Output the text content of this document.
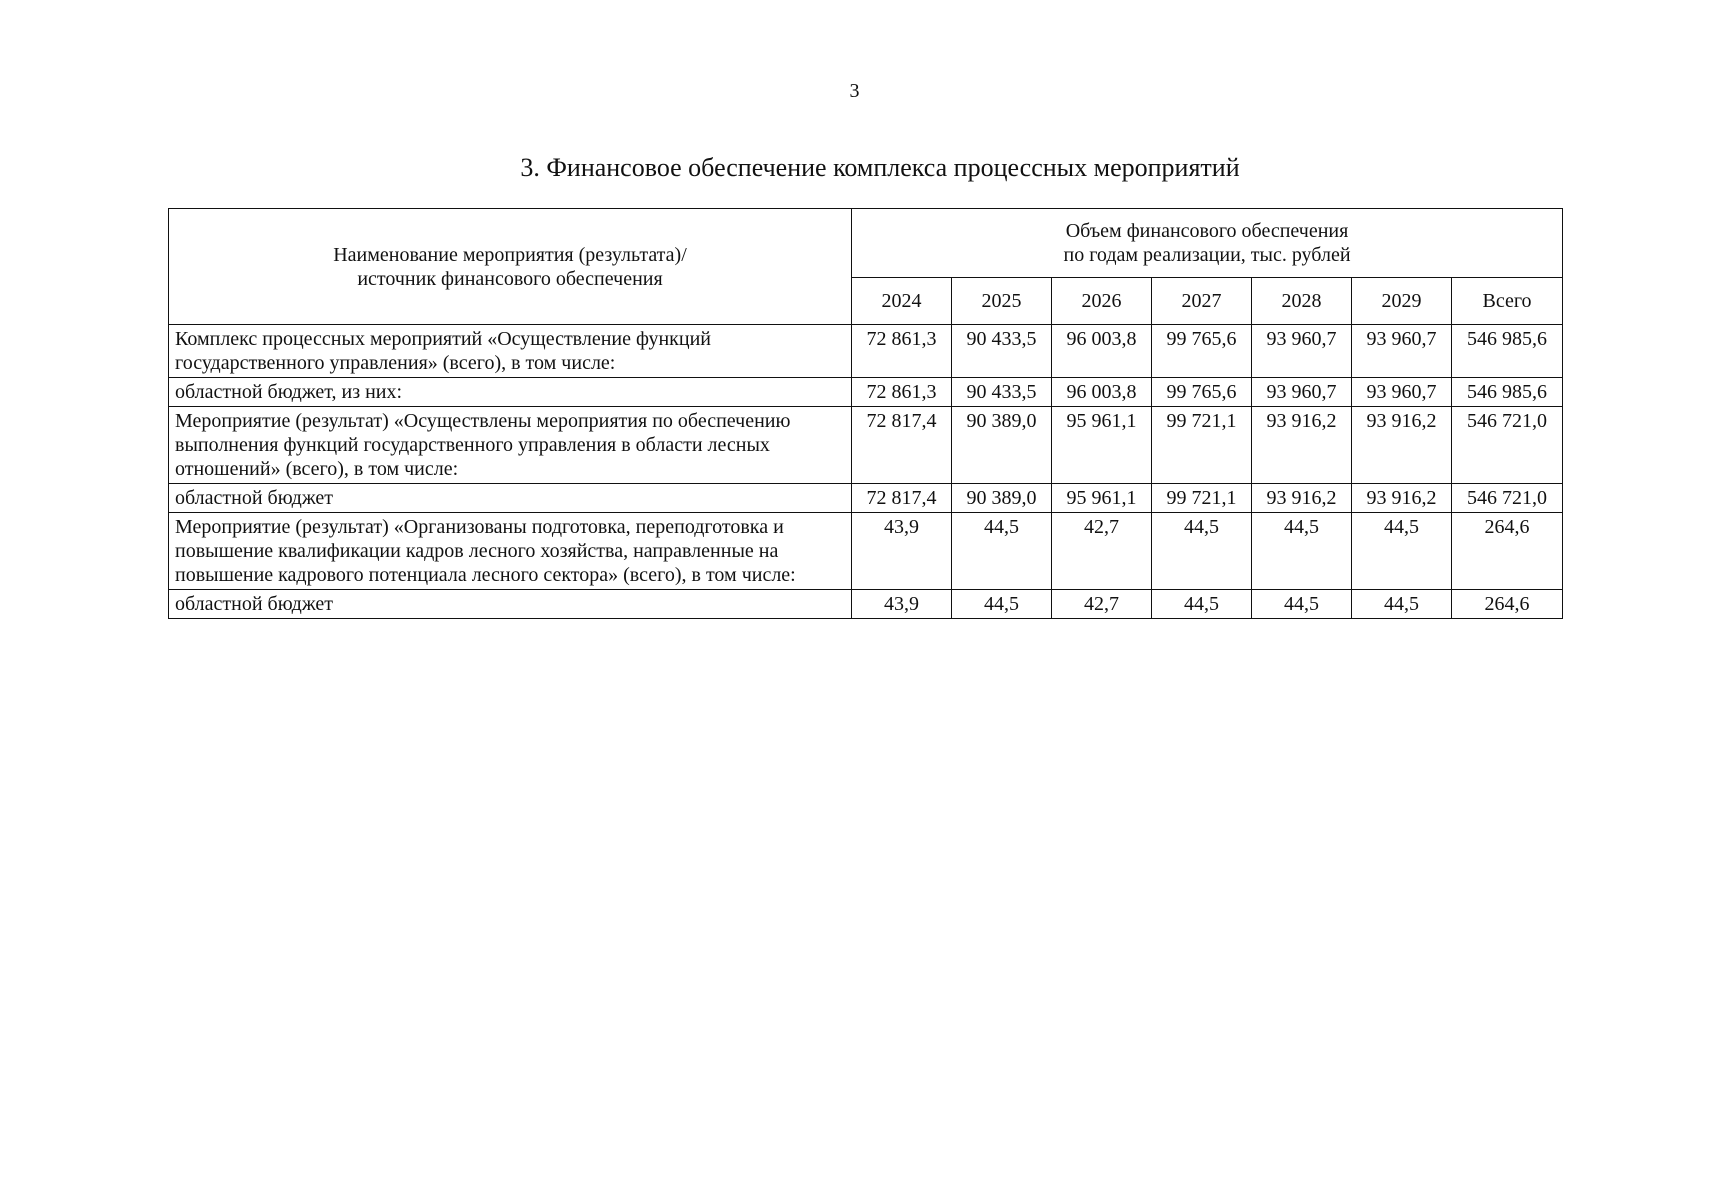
3
3. Финансовое обеспечение комплекса процессных мероприятий
Наименование мероприятия (результата)/
источник финансового обеспечения	Объем финансового обеспечения
по годам реализации, тыс. рублей						

	2024	2025	2026	2027	2028	2029	Всего
Комплекс процессных мероприятий «Осуществление функций государственного управления» (всего), в том числе:	72 861,3	90 433,5	96 003,8	99 765,6	93 960,7	93 960,7	546 985,6
областной бюджет, из них:	72 861,3	90 433,5	96 003,8	99 765,6	93 960,7	93 960,7	546 985,6
Мероприятие (результат) «Осуществлены мероприятия по обеспечению выполнения функций государственного управления в области лесных отношений» (всего), в том числе:	72 817,4	90 389,0	95 961,1	99 721,1	93 916,2	93 916,2	546 721,0
областной бюджет	72 817,4	90 389,0	95 961,1	99 721,1	93 916,2	93 916,2	546 721,0
Мероприятие (результат) «Организованы подготовка, переподготовка и повышение квалификации кадров лесного хозяйства, направленные на повышение кадрового потенциала лесного сектора» (всего), в том числе:	43,9	44,5	42,7	44,5	44,5	44,5	264,6
областной бюджет	43,9	44,5	42,7	44,5	44,5	44,5	264,6
